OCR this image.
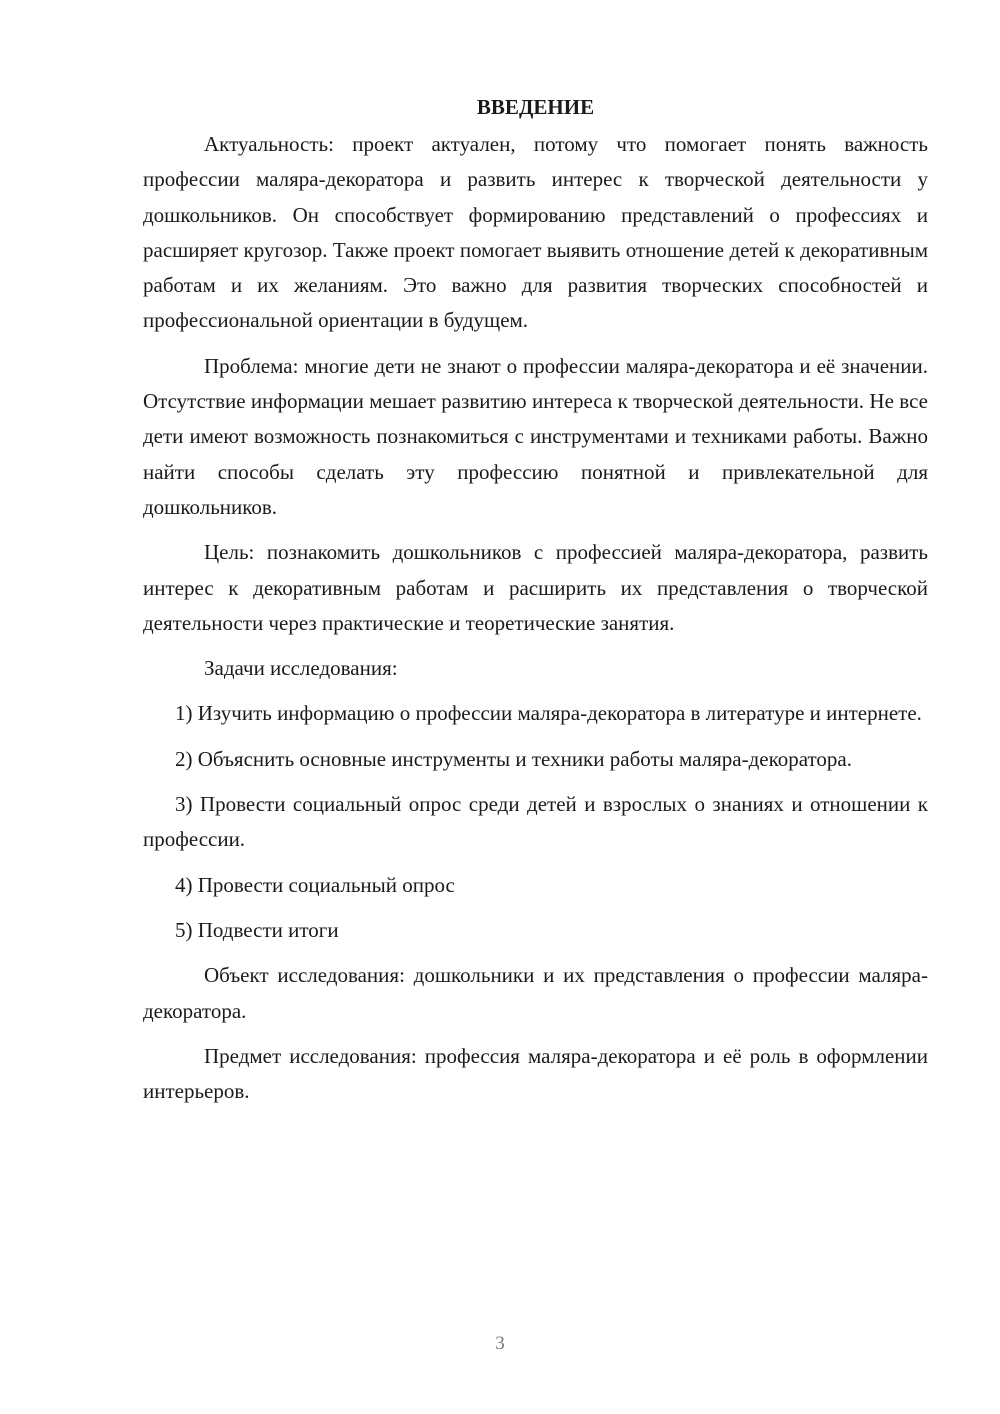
ВВЕДЕНИЕ

Актуальность: проект актуален, потому что помогает понять важность профессии маляра-декоратора и развить интерес к творческой деятельности у дошкольников. Он способствует формированию представлений о профессиях и расширяет кругозор. Также проект помогает выявить отношение детей к декоративным работам и их желаниям. Это важно для развития творческих способностей и профессиональной ориентации в будущем.

Проблема: многие дети не знают о профессии маляра-декоратора и её значении. Отсутствие информации мешает развитию интереса к творческой деятельности. Не все дети имеют возможность познакомиться с инструментами и техниками работы. Важно найти способы сделать эту профессию понятной и привлекательной для дошкольников.

Цель: познакомить дошкольников с профессией маляра-декоратора, развить интерес к декоративным работам и расширить их представления о творческой деятельности через практические и теоретические занятия.

Задачи исследования:

1) Изучить информацию о профессии маляра-декоратора в литературе и интернете.

2) Объяснить основные инструменты и техники работы маляра-декоратора.

3) Провести социальный опрос среди детей и взрослых о знаниях и отношении к профессии.

4) Провести социальный опрос

5) Подвести итоги

Объект исследования: дошкольники и их представления о профессии маляра-декоратора.

Предмет исследования: профессия маляра-декоратора и её роль в оформлении интерьеров.

3
